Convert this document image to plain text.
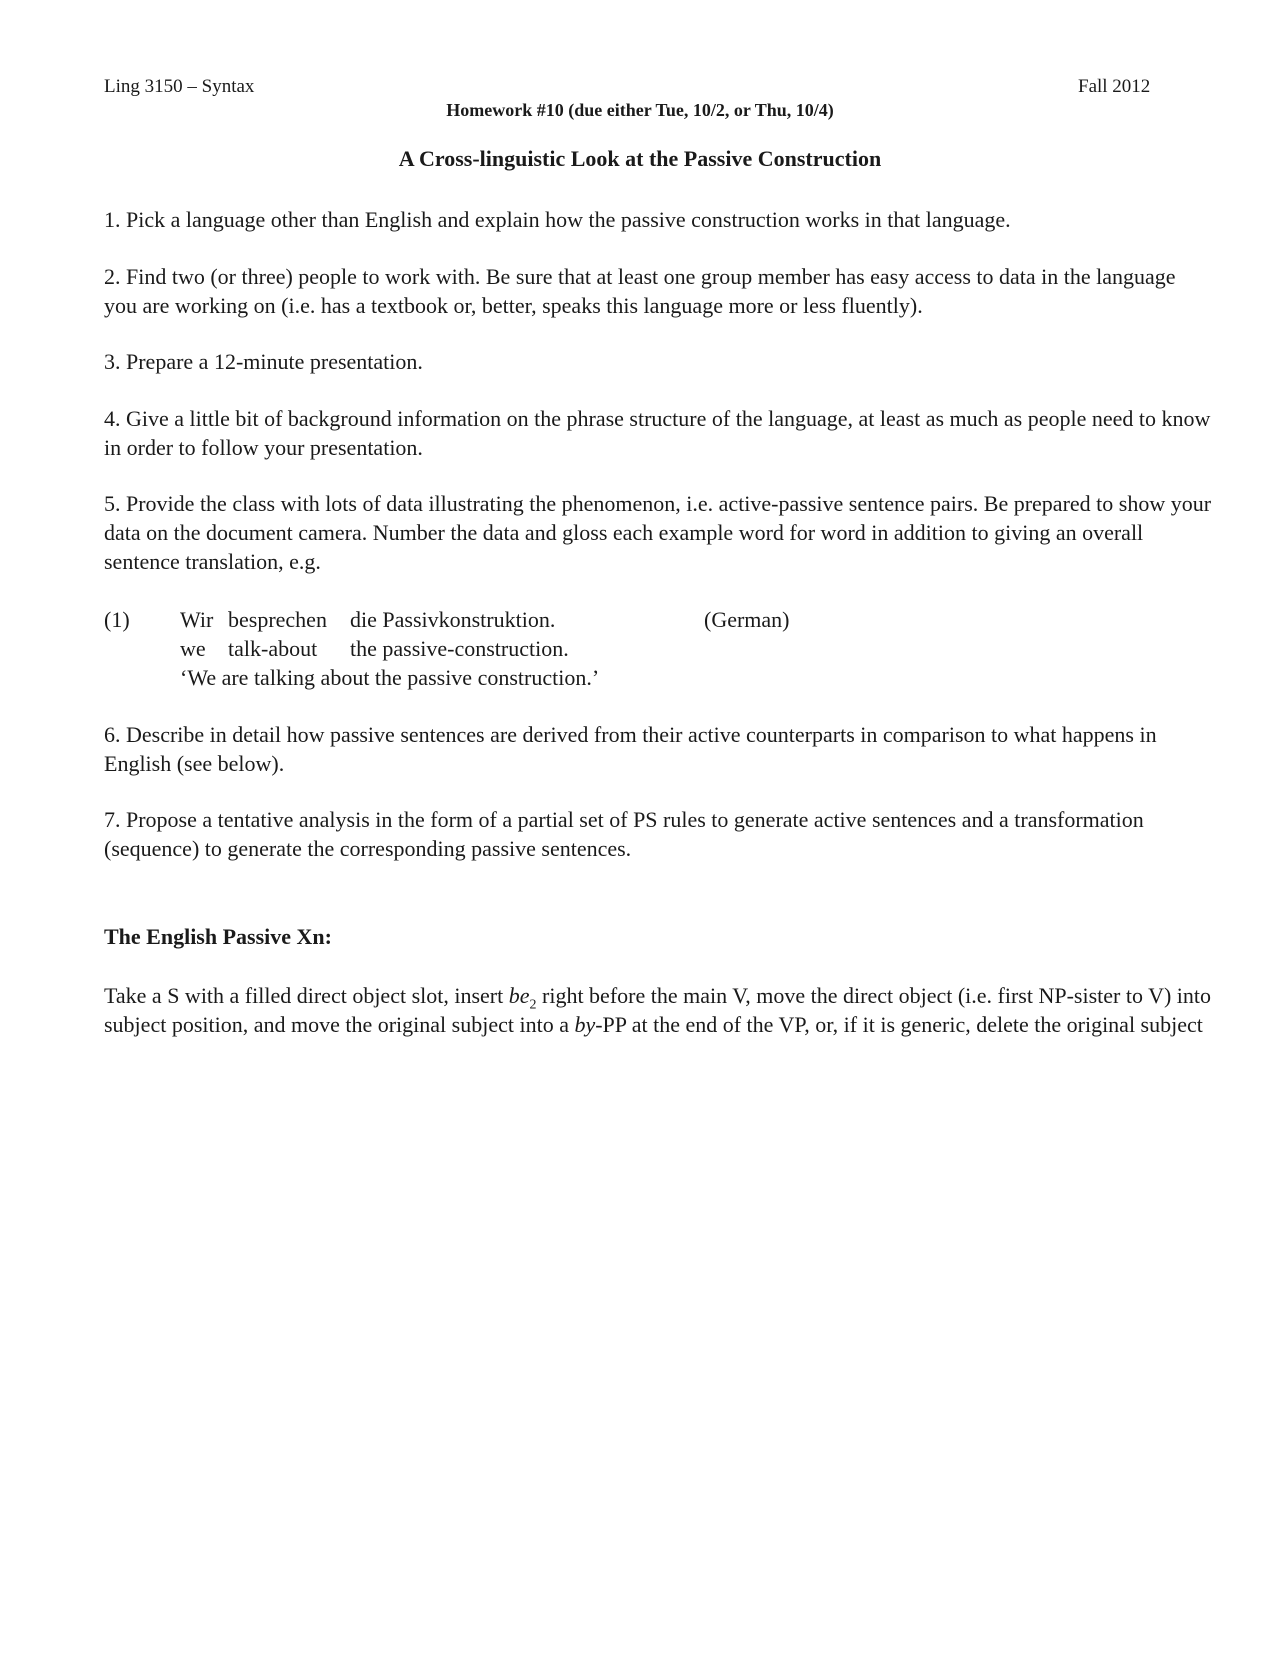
Ling 3150 – Syntax	Fall 2012
Homework #10 (due either Tue, 10/2, or Thu, 10/4)
A Cross-linguistic Look at the Passive Construction
1. Pick a language other than English and explain how the passive construction works in that language.
2. Find two (or three) people to work with. Be sure that at least one group member has easy access to data in the language you are working on (i.e. has a textbook or, better, speaks this language more or less fluently).
3. Prepare a 12-minute presentation.
4. Give a little bit of background information on the phrase structure of the language, at least as much as people need to know in order to follow your presentation.
5. Provide the class with lots of data illustrating the phenomenon, i.e. active-passive sentence pairs. Be prepared to show your data on the document camera. Number the data and gloss each example word for word in addition to giving an overall sentence translation, e.g.
(1) Wir besprechen die Passivkonstruktion.	(German)
we talk-about the passive-construction.
‘We are talking about the passive construction.’
6. Describe in detail how passive sentences are derived from their active counterparts in comparison to what happens in English (see below).
7. Propose a tentative analysis in the form of a partial set of PS rules to generate active sentences and a transformation (sequence) to generate the corresponding passive sentences.
The English Passive Xn:
Take a S with a filled direct object slot, insert $be_2$ right before the main V, move the direct object (i.e. first NP-sister to V) into subject position, and move the original subject into a by-PP at the end of the VP, or, if it is generic, delete the original subject
